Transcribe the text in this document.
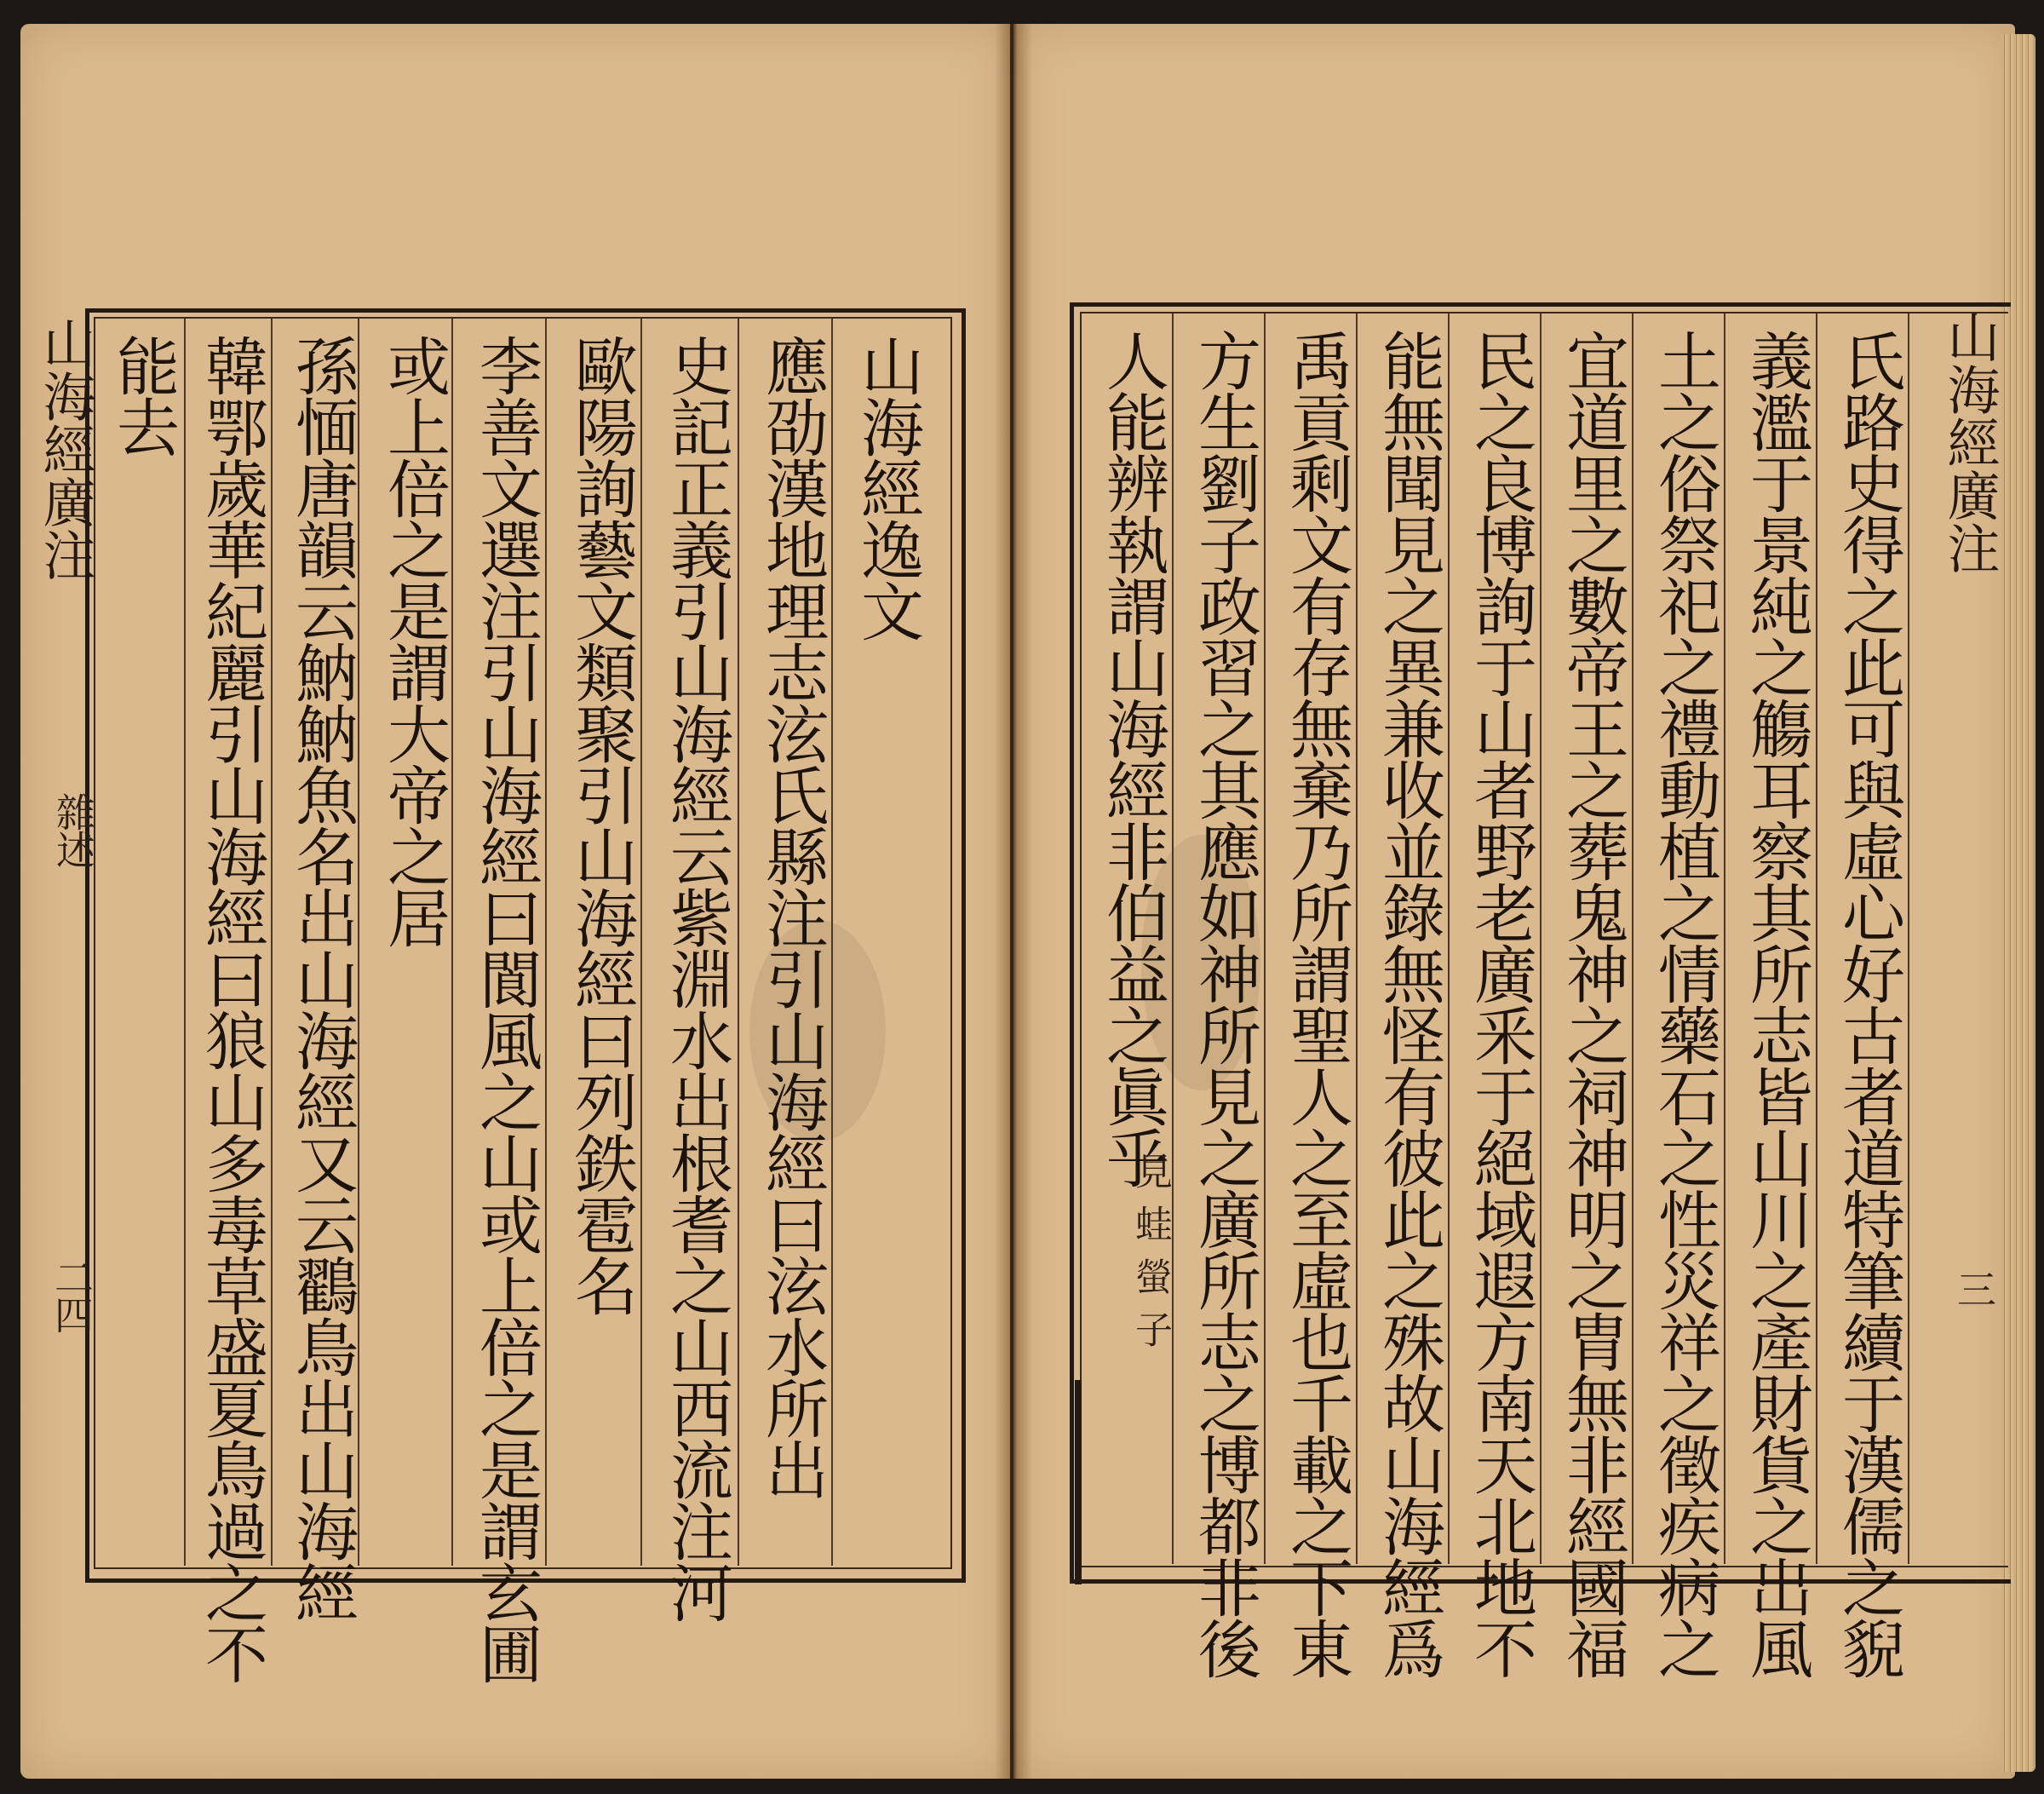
山海經逸文
應劭漢地理志泫氏縣注引山海經曰泫水所出
史記正義引山海經云紫淵水出根耆之山西流注河
歐陽詢藝文類聚引山海經曰列鉄雹名
李善文選注引山海經曰閬風之山或上倍之是謂玄圃
或上倍之是謂大帝之居
孫愐唐韻云魶魶魚名出山海經又云鸐鳥出山海經
韓鄂歲華紀麗引山海經曰狼山多毒草盛夏鳥過之不
能去
山海經廣注
雜述
二四	氏路史得之此可與虛心好古者道特筆續于漢儒之貎
義濫于景純之觴耳察其所志皆山川之產財貨之出風
土之俗祭祀之禮動植之情藥石之性災祥之徵疾病之
宜道里之數帝王之葬鬼神之祠神明之胄無非經國福
民之良博詢于山者野老廣釆于絕域遐方南天北地不
能無聞見之異兼收並錄無怪有彼此之殊故山海經爲
禹貢剩文有存無棄乃所謂聖人之至虛也千載之下東
方生劉子政習之其應如神所見之廣所志之博都非後
人能辨執謂山海經非伯益之眞乎
見蛙螢子
山海經廣注
三
